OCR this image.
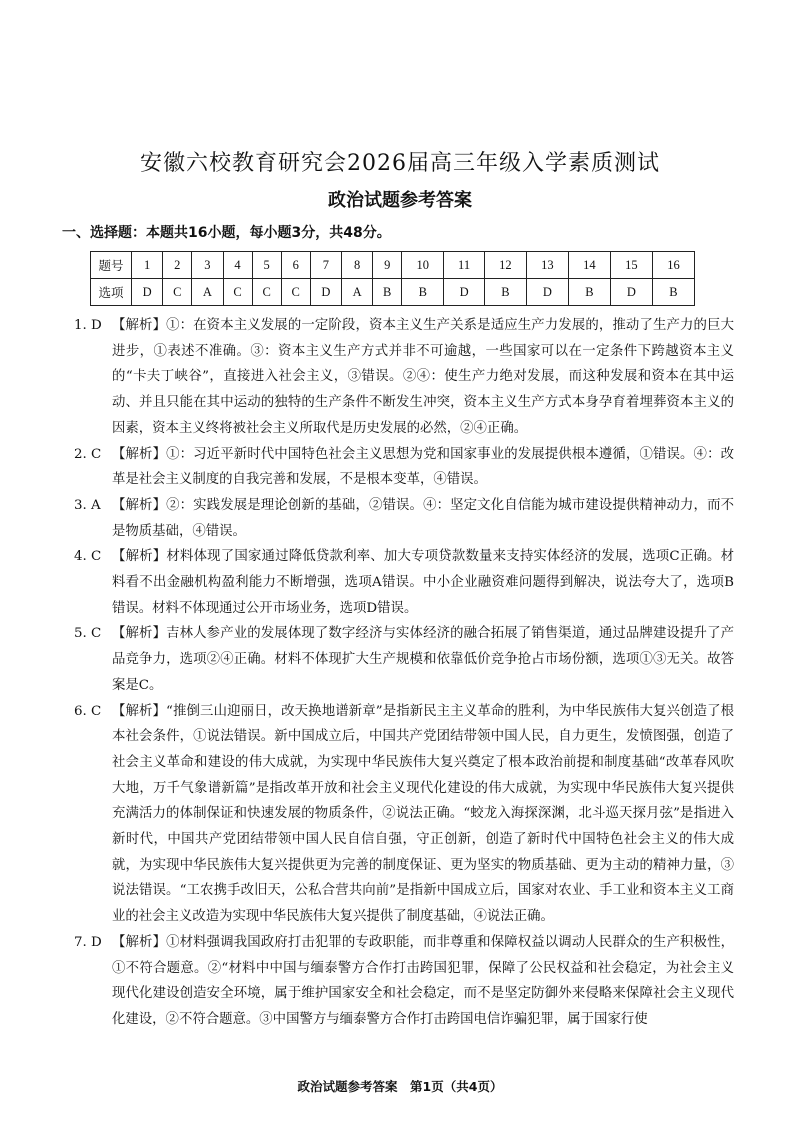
安徽六校教育研究会2026届高三年级入学素质测试
政治试题参考答案
一、选择题：本题共16小题，每小题3分，共48分。
题号	1	2	3	4	5	6	7	8	9	10	11	12	13	14	15	16
选项	D	C	A	C	C	C	D	A	B	B	D	B	D	B	D	B
1. D 【解析】①：在资本主义发展的一定阶段，资本主义生产关系是适应生产力发展的，推动了生产力的巨大进步，①表述不准确。③：资本主义生产方式并非不可逾越，一些国家可以在一定条件下跨越资本主义的“卡夫丁峡谷”，直接进入社会主义，③错误。②④：使生产力绝对发展，而这种发展和资本在其中运动、并且只能在其中运动的独特的生产条件不断发生冲突，资本主义生产方式本身孕育着埋葬资本主义的因素，资本主义终将被社会主义所取代是历史发展的必然，②④正确。
2. C 【解析】①：习近平新时代中国特色社会主义思想为党和国家事业的发展提供根本遵循，①错误。④：改革是社会主义制度的自我完善和发展，不是根本变革，④错误。
3. A 【解析】②：实践发展是理论创新的基础，②错误。④：坚定文化自信能为城市建设提供精神动力，而不是物质基础，④错误。
4. C 【解析】材料体现了国家通过降低贷款利率、加大专项贷款数量来支持实体经济的发展，选项C正确。材料看不出金融机构盈利能力不断增强，选项A错误。中小企业融资难问题得到解决，说法夸大了，选项B错误。材料不体现通过公开市场业务，选项D错误。
5. C 【解析】吉林人参产业的发展体现了数字经济与实体经济的融合拓展了销售渠道，通过品牌建设提升了产品竞争力，选项②④正确。材料不体现扩大生产规模和依靠低价竞争抢占市场份额，选项①③无关。故答案是C。
6. C 【解析】“推倒三山迎丽日，改天换地谱新章”是指新民主主义革命的胜利，为中华民族伟大复兴创造了根本社会条件，①说法错误。新中国成立后，中国共产党团结带领中国人民，自力更生，发愤图强，创造了社会主义革命和建设的伟大成就，为实现中华民族伟大复兴奠定了根本政治前提和制度基础“改革春风吹大地，万千气象谱新篇”是指改革开放和社会主义现代化建设的伟大成就，为实现中华民族伟大复兴提供充满活力的体制保证和快速发展的物质条件，②说法正确。“蛟龙入海探深渊，北斗巡天探月弦”是指进入新时代，中国共产党团结带领中国人民自信自强，守正创新，创造了新时代中国特色社会主义的伟大成就，为实现中华民族伟大复兴提供更为完善的制度保证、更为坚实的物质基础、更为主动的精神力量，③说法错误。“工农携手改旧天，公私合营共向前”是指新中国成立后，国家对农业、手工业和资本主义工商业的社会主义改造为实现中华民族伟大复兴提供了制度基础，④说法正确。
7. D 【解析】①材料强调我国政府打击犯罪的专政职能，而非尊重和保障权益以调动人民群众的生产积极性，①不符合题意。②“材料中中国与缅泰警方合作打击跨国犯罪，保障了公民权益和社会稳定，为社会主义现代化建设创造安全环境，属于维护国家安全和社会稳定，而不是坚定防御外来侵略来保障社会主义现代化建设，②不符合题意。③中国警方与缅泰警方合作打击跨国电信诈骗犯罪，属于国家行使
政治试题参考答案　第1页（共4页）
